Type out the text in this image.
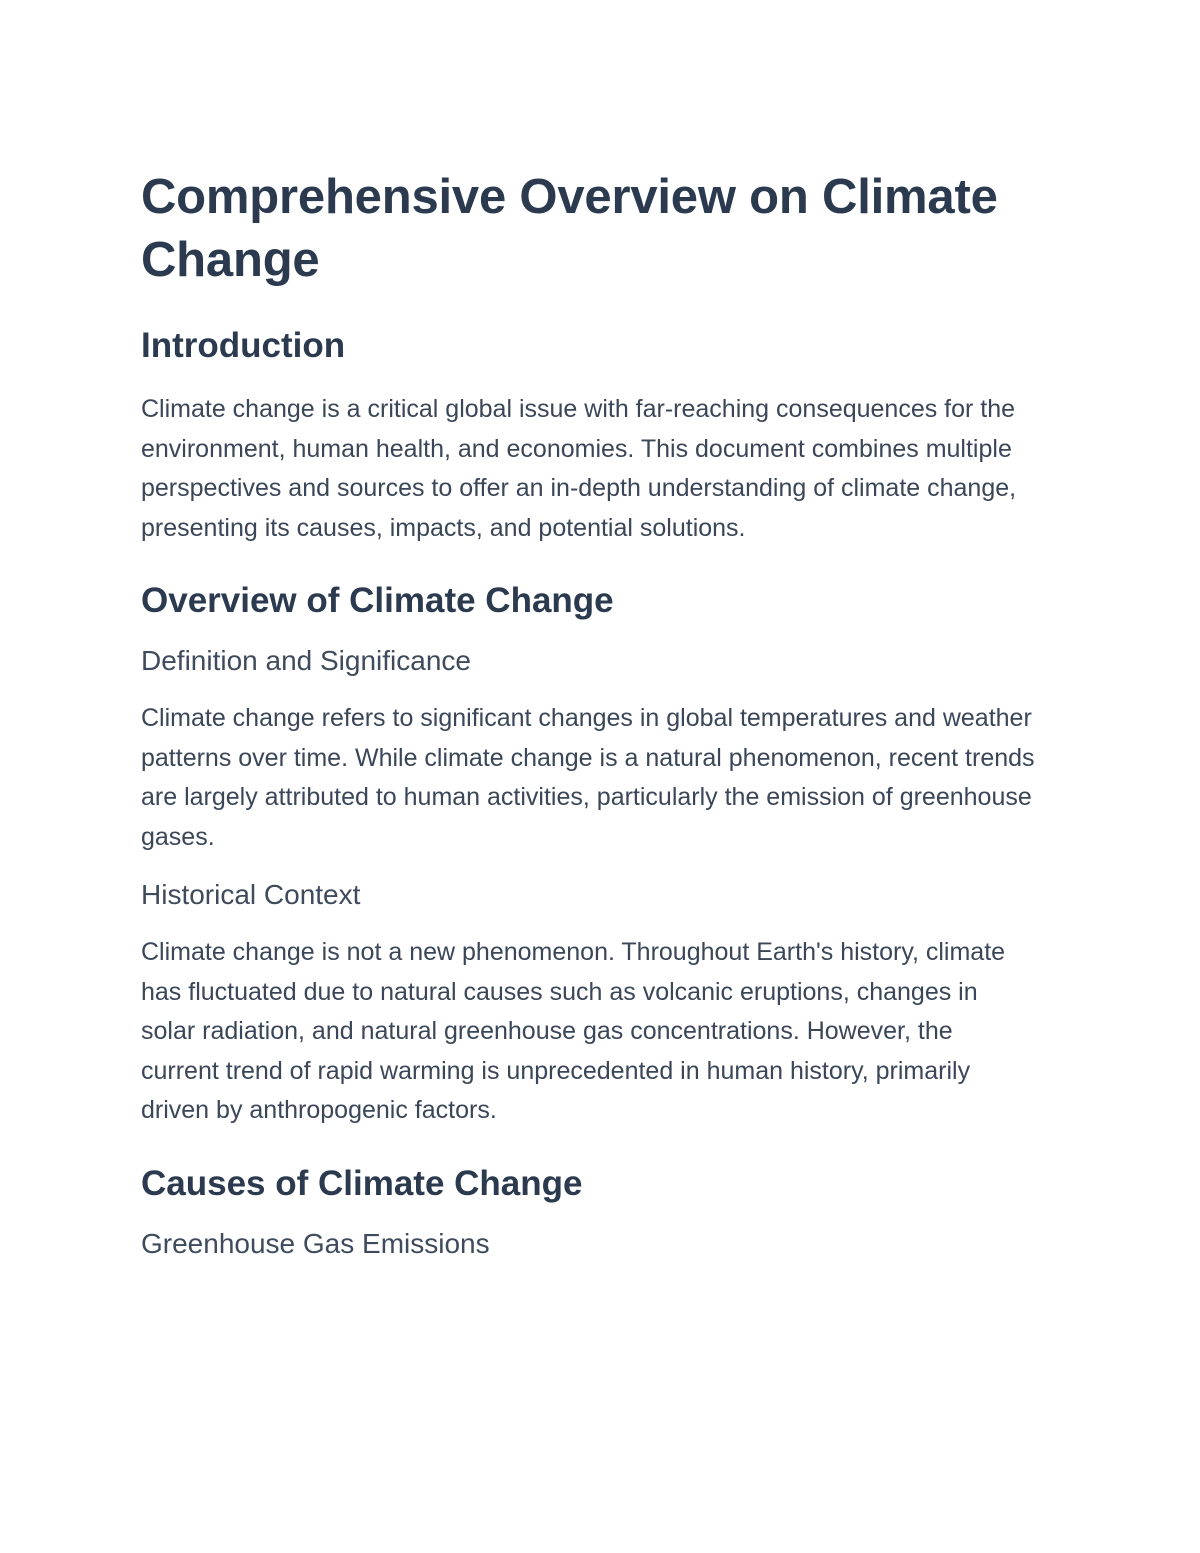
Comprehensive Overview on Climate Change
Introduction

Climate change is a critical global issue with far-reaching consequences for the environment, human health, and economies. This document combines multiple perspectives and sources to offer an in-depth understanding of climate change, presenting its causes, impacts, and potential solutions.

Overview of Climate Change
Definition and Significance

Climate change refers to significant changes in global temperatures and weather patterns over time. While climate change is a natural phenomenon, recent trends are largely attributed to human activities, particularly the emission of greenhouse gases.

Historical Context

Climate change is not a new phenomenon. Throughout Earth's history, climate has fluctuated due to natural causes such as volcanic eruptions, changes in solar radiation, and natural greenhouse gas concentrations. However, the current trend of rapid warming is unprecedented in human history, primarily driven by anthropogenic factors.

Causes of Climate Change
Greenhouse Gas Emissions
